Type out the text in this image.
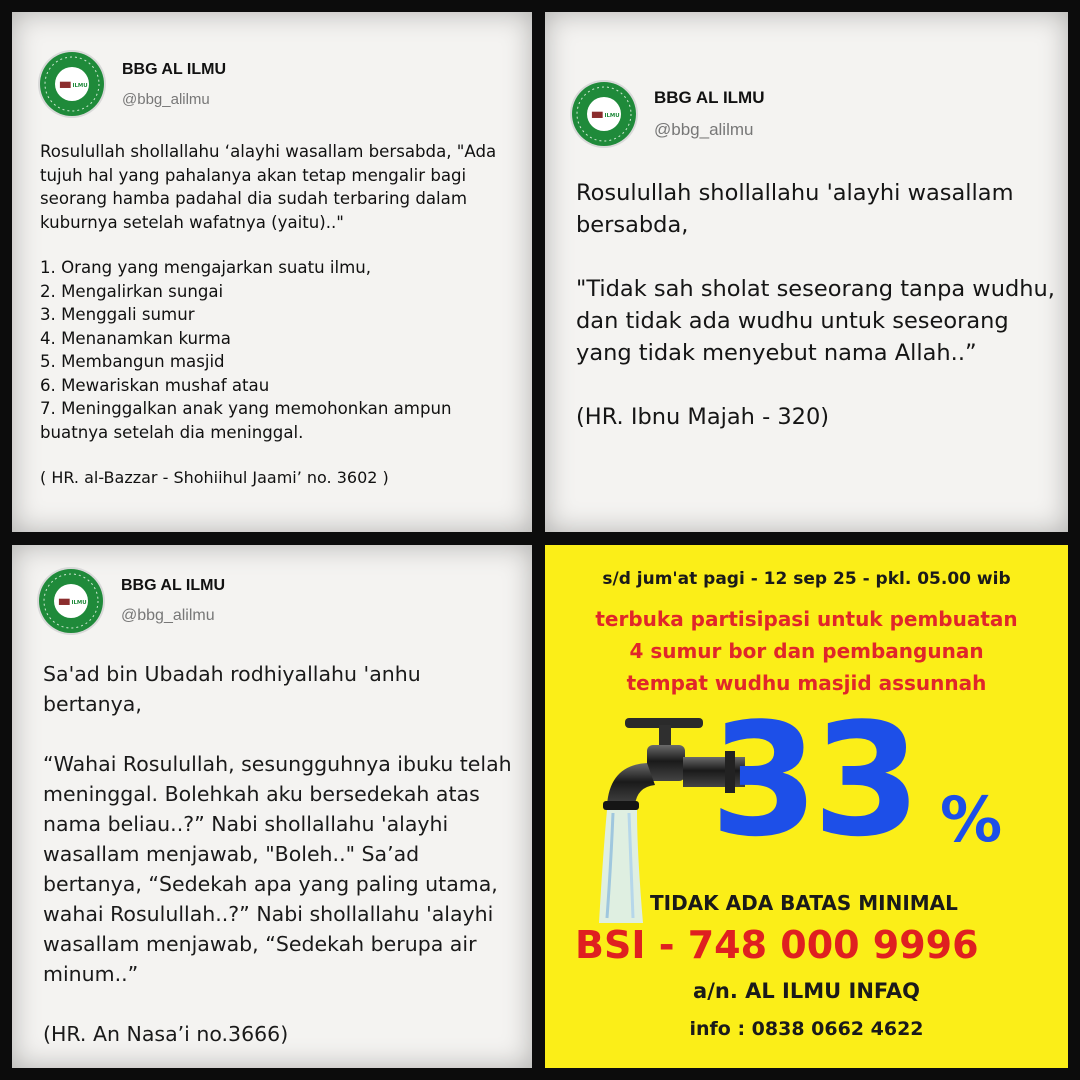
ILMU
BBG AL ILMU
@bbg_alilmu

Rosulullah shollallahu ‘alayhi wasallam bersabda, "Ada tujuh hal yang pahalanya akan tetap mengalir bagi seorang hamba padahal dia sudah terbaring dalam kuburnya setelah wafatnya (yaitu).."

1. Orang yang mengajarkan suatu ilmu,
2. Mengalirkan sungai
3. Menggali sumur
4. Menanamkan kurma
5. Membangun masjid
6. Mewariskan mushaf atau
7. Meninggalkan anak yang memohonkan ampun buatnya setelah dia meninggal.

( HR. al-Bazzar - Shohiihul Jaami’ no. 3602 )

ILMU
BBG AL ILMU
@bbg_alilmu

Rosulullah shollallahu 'alayhi wasallam bersabda,

"Tidak sah sholat seseorang tanpa wudhu, dan tidak ada wudhu untuk seseorang yang tidak menyebut nama Allah..”

(HR. Ibnu Majah - 320)

ILMU
BBG AL ILMU
@bbg_alilmu

Sa'ad bin Ubadah rodhiyallahu 'anhu bertanya,

“Wahai Rosulullah, sesungguhnya ibuku telah meninggal. Bolehkah aku bersedekah atas nama beliau..?” Nabi shollallahu 'alayhi wasallam menjawab, "Boleh.." Sa’ad bertanya, “Sedekah apa yang paling utama, wahai Rosulullah..?” Nabi shollallahu 'alayhi wasallam menjawab, “Sedekah berupa air minum..”

(HR. An Nasa’i no.3666)

s/d jum'at pagi - 12 sep 25 - pkl. 05.00 wib
terbuka partisipasi untuk pembuatan
4 sumur bor dan pembangunan
tempat wudhu masjid assunnah
33 %
TIDAK ADA BATAS MINIMAL
BSI - 748 000 9996
a/n. AL ILMU INFAQ
info : 0838 0662 4622
